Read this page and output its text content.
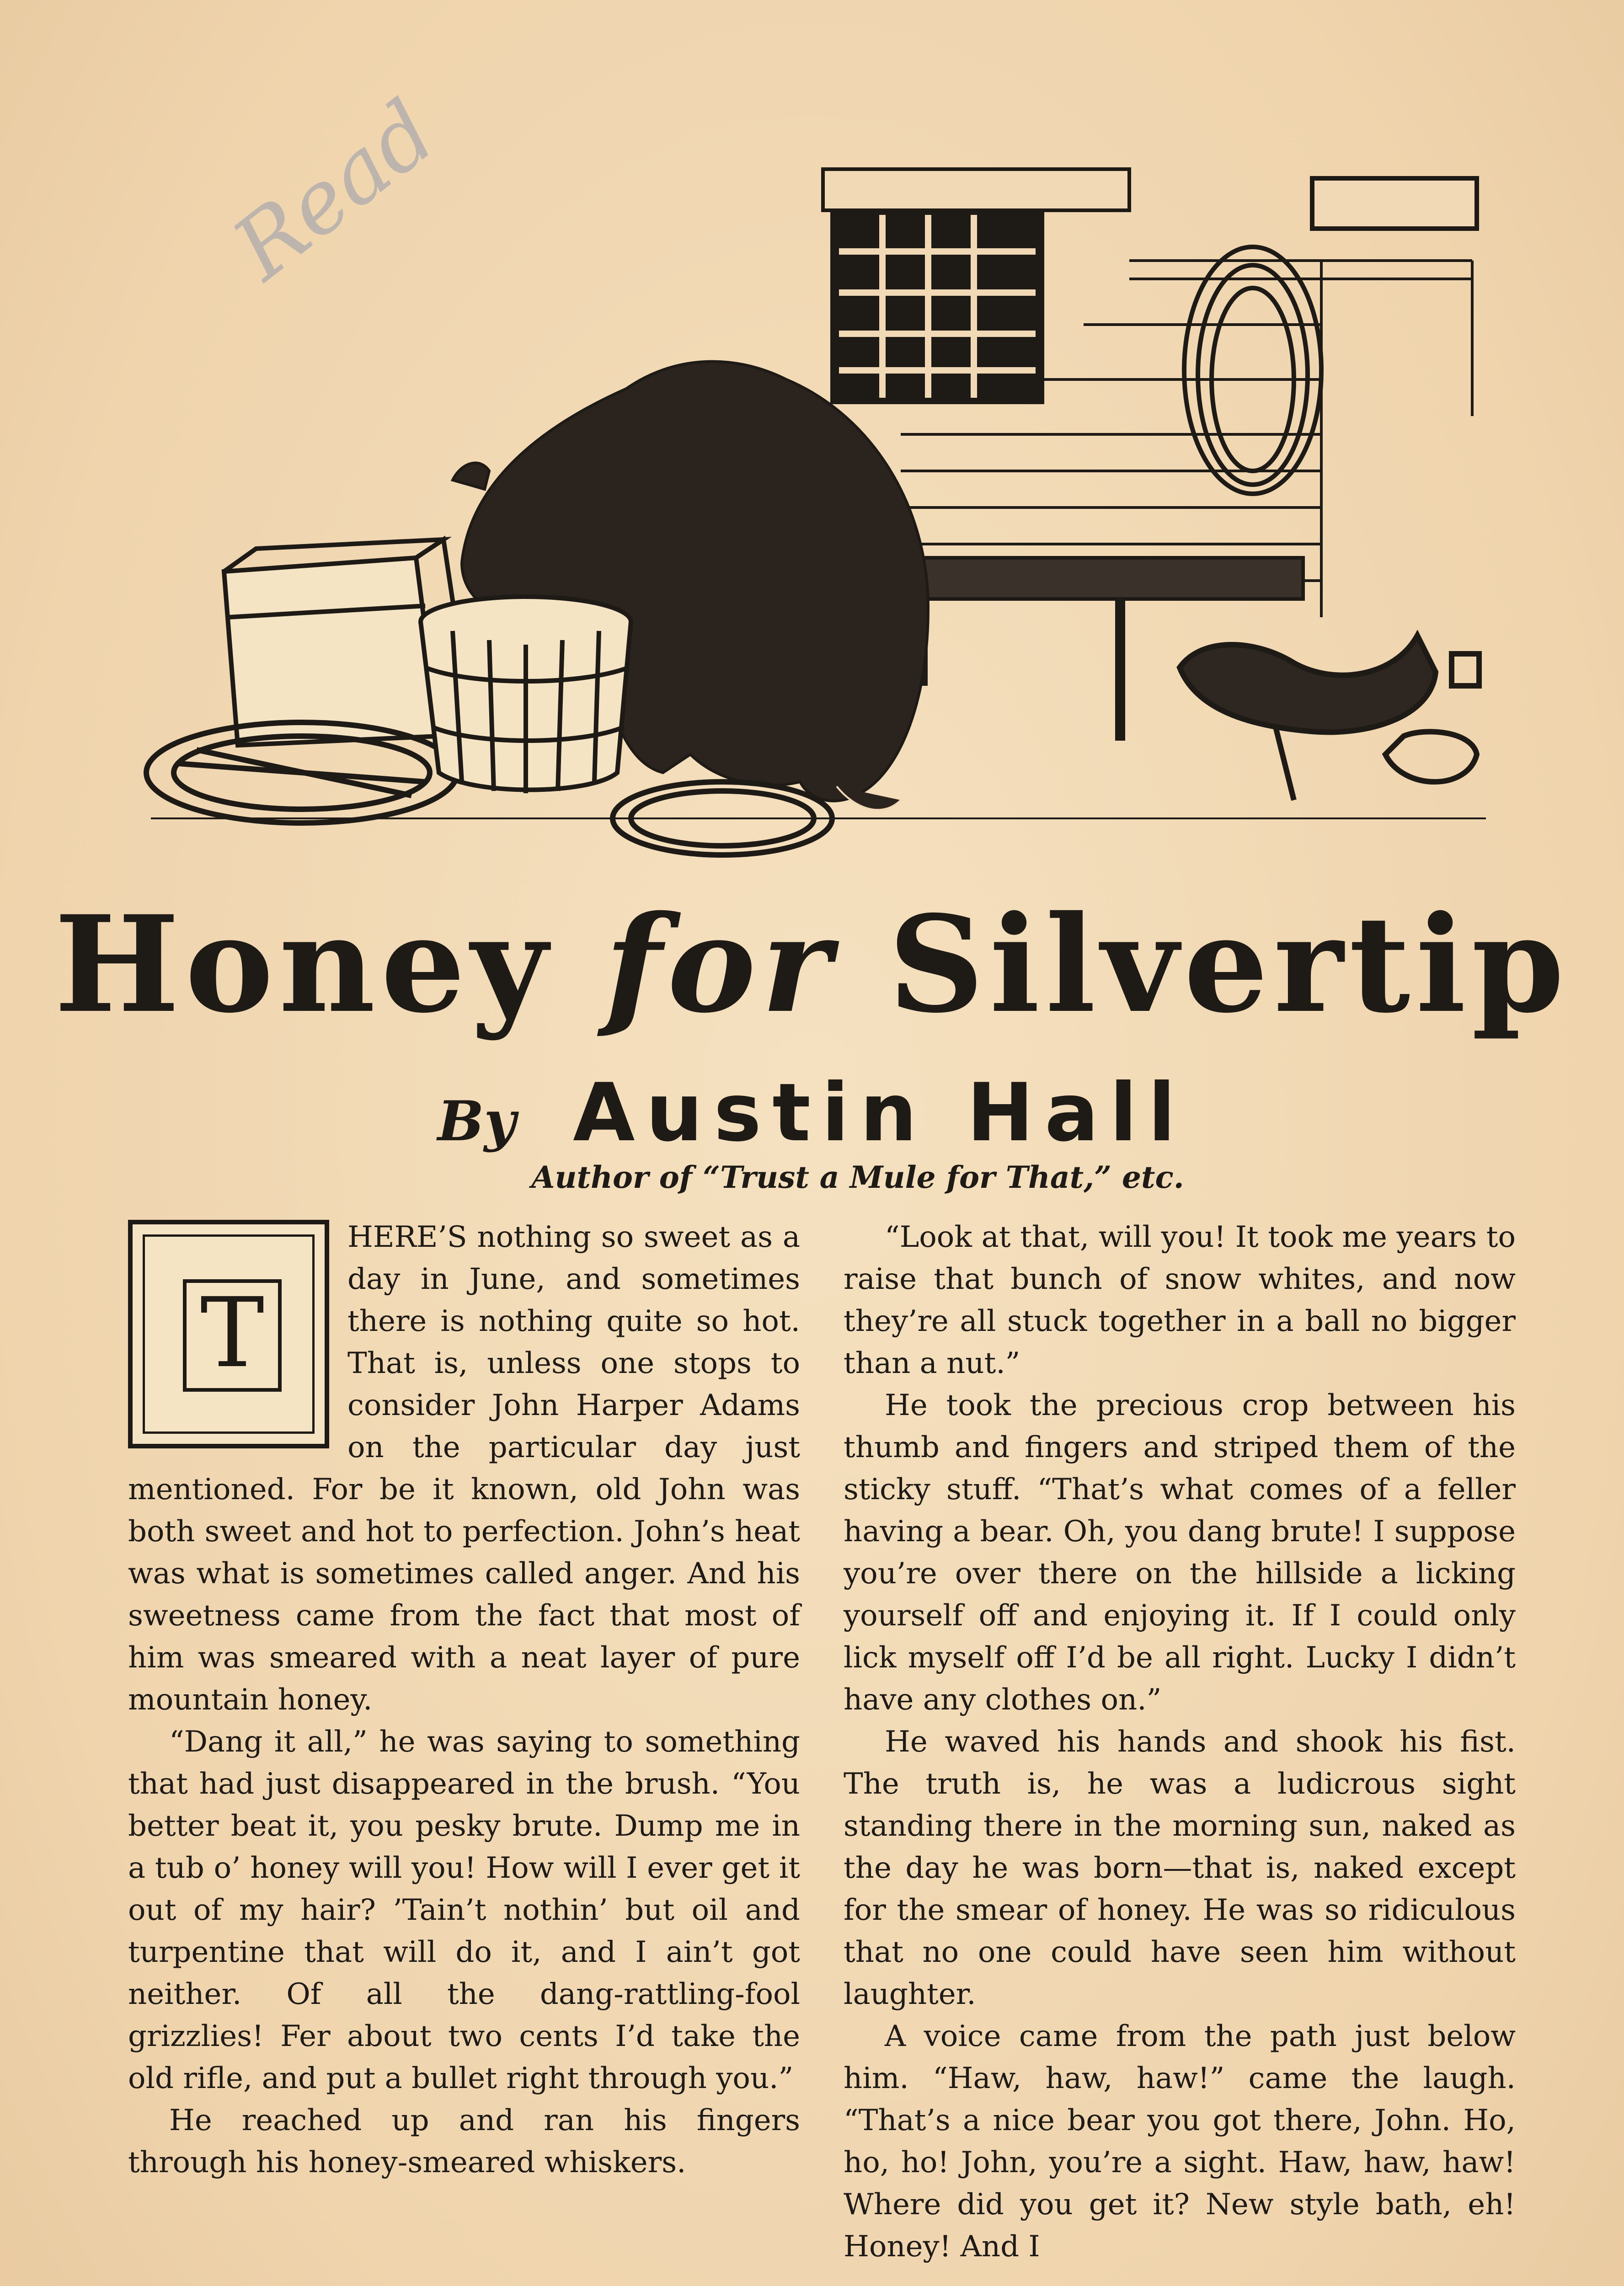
Read
Honey for Silvertip
By Austin Hall
Author of “Trust a Mule for That,” etc.
T

HERE’S nothing so sweet as a day in June, and sometimes there is nothing quite so hot. That is, unless one stops to consider John Harper Adams on the particular day just mentioned. For be it known, old John was both sweet and hot to perfection. John’s heat was what is sometimes called anger. And his sweetness came from the fact that most of him was smeared with a neat layer of pure mountain honey.

“Dang it all,” he was saying to something that had just disappeared in the brush. “You better beat it, you pesky brute. Dump me in a tub o’ honey will you! How will I ever get it out of my hair? ’Tain’t nothin’ but oil and turpentine that will do it, and I ain’t got neither. Of all the dang-rattling-fool grizzlies! Fer about two cents I’d take the old rifle, and put a bullet right through you.”

He reached up and ran his fingers through his honey-smeared whiskers.

“Look at that, will you! It took me years to raise that bunch of snow whites, and now they’re all stuck together in a ball no bigger than a nut.”

He took the precious crop between his thumb and fingers and striped them of the sticky stuff. “That’s what comes of a feller having a bear. Oh, you dang brute! I suppose you’re over there on the hillside a licking yourself off and enjoying it. If I could only lick myself off I’d be all right. Lucky I didn’t have any clothes on.”

He waved his hands and shook his fist. The truth is, he was a ludicrous sight standing there in the morning sun, naked as the day he was born—that is, naked except for the smear of honey. He was so ridiculous that no one could have seen him without laughter.

A voice came from the path just below him. “Haw, haw, haw!” came the laugh. “That’s a nice bear you got there, John. Ho, ho, ho! John, you’re a sight. Haw, haw, haw! Where did you get it? New style bath, eh! Honey! And I
